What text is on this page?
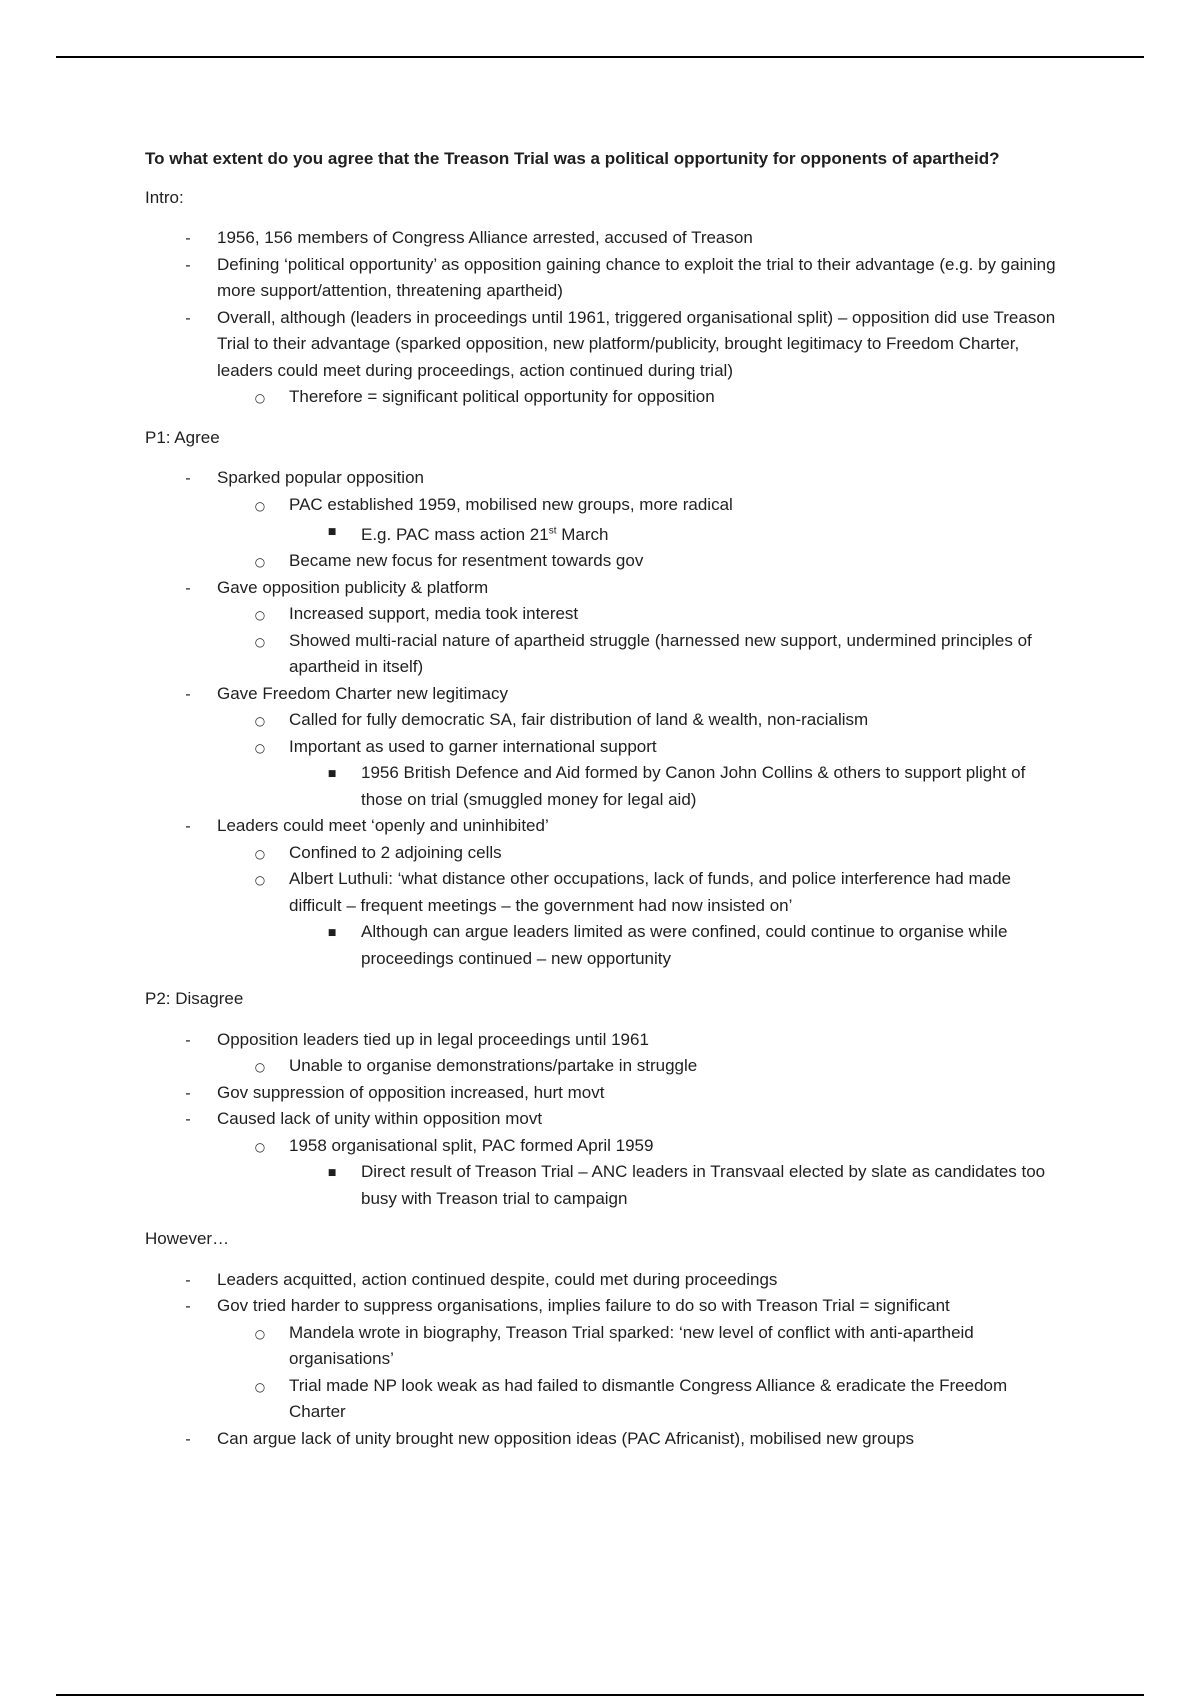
To what extent do you agree that the Treason Trial was a political opportunity for opponents of apartheid?
Intro:
-	1956, 156 members of Congress Alliance arrested, accused of Treason
-	Defining ‘political opportunity’ as opposition gaining chance to exploit the trial to their advantage (e.g. by gaining more support/attention, threatening apartheid)
-	Overall, although (leaders in proceedings until 1961, triggered organisational split) – opposition did use Treason Trial to their advantage (sparked opposition, new platform/publicity, brought legitimacy to Freedom Charter, leaders could meet during proceedings, action continued during trial)
○ Therefore = significant political opportunity for opposition
P1: Agree
-	Sparked popular opposition
○ PAC established 1959, mobilised new groups, more radical
■	E.g. PAC mass action 21st March
○ Became new focus for resentment towards gov
-	Gave opposition publicity & platform
○ Increased support, media took interest
○ Showed multi-racial nature of apartheid struggle (harnessed new support, undermined principles of apartheid in itself)
-	Gave Freedom Charter new legitimacy
○ Called for fully democratic SA, fair distribution of land & wealth, non-racialism
○ Important as used to garner international support
■	1956 British Defence and Aid formed by Canon John Collins & others to support plight of those on trial (smuggled money for legal aid)
-	Leaders could meet ‘openly and uninhibited’
○ Confined to 2 adjoining cells
○ Albert Luthuli: ‘what distance other occupations, lack of funds, and police interference had made difficult – frequent meetings – the government had now insisted on’
■	Although can argue leaders limited as were confined, could continue to organise while proceedings continued – new opportunity
P2: Disagree
-	Opposition leaders tied up in legal proceedings until 1961
○ Unable to organise demonstrations/partake in struggle
-	Gov suppression of opposition increased, hurt movt
-	Caused lack of unity within opposition movt
○ 1958 organisational split, PAC formed April 1959
■	Direct result of Treason Trial – ANC leaders in Transvaal elected by slate as candidates too busy with Treason trial to campaign
However…
-	Leaders acquitted, action continued despite, could met during proceedings
-	Gov tried harder to suppress organisations, implies failure to do so with Treason Trial = significant
○ Mandela wrote in biography, Treason Trial sparked: ‘new level of conflict with anti-apartheid organisations’
○ Trial made NP look weak as had failed to dismantle Congress Alliance & eradicate the Freedom Charter
-	Can argue lack of unity brought new opposition ideas (PAC Africanist), mobilised new groups
